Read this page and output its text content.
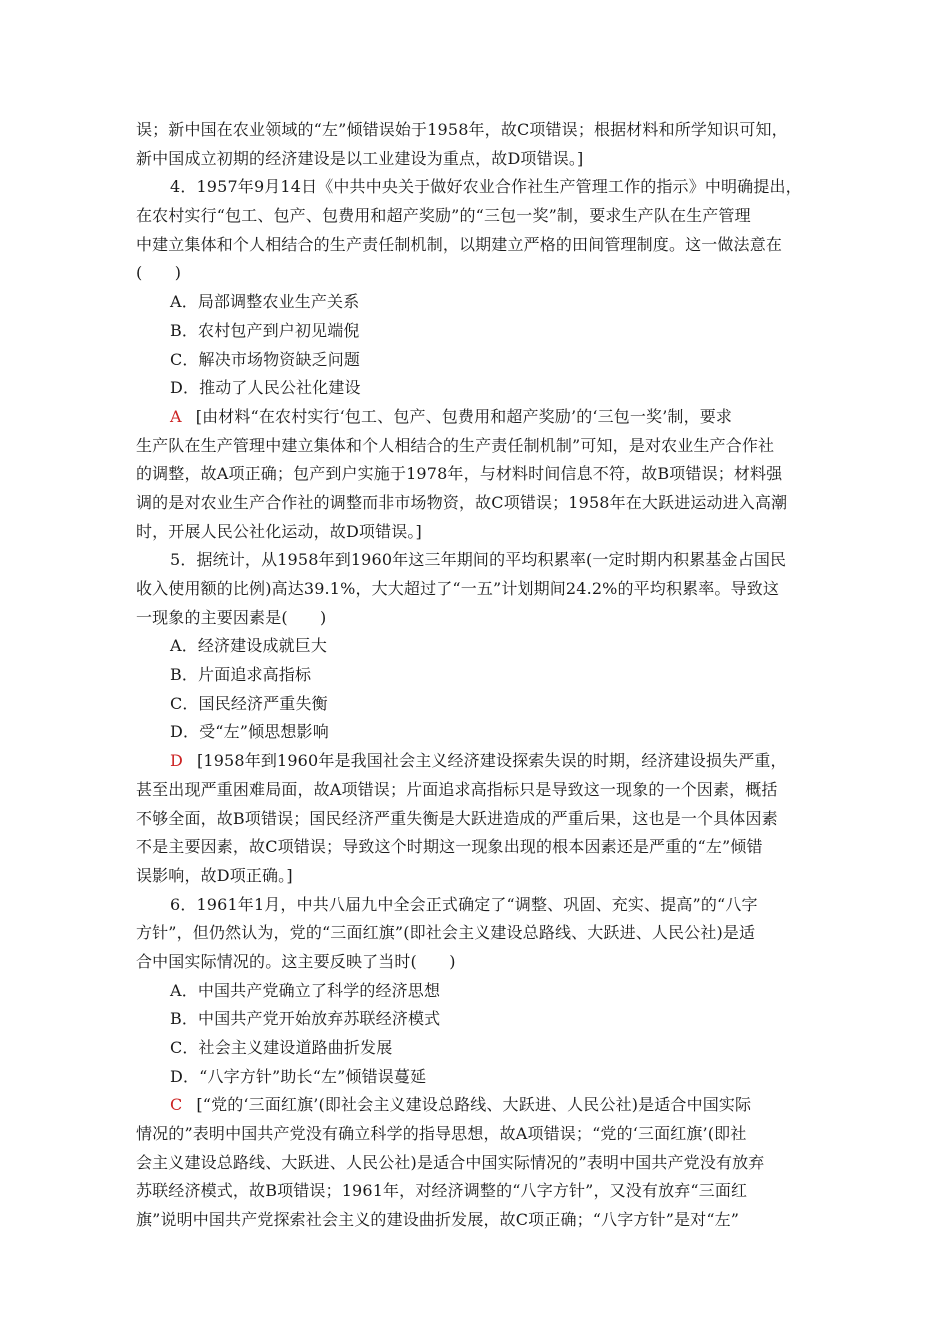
误；新中国在农业领域的“左”倾错误始于1958年，故C项错误；根据材料和所学知识可知，
新中国成立初期的经济建设是以工业建设为重点，故D项错误。]
4．1957年9月14日《中共中央关于做好农业合作社生产管理工作的指示》中明确提出，
在农村实行“包工、包产、包费用和超产奖励”的“三包一奖”制，要求生产队在生产管理
中建立集体和个人相结合的生产责任制机制，以期建立严格的田间管理制度。这一做法意在
(　　)
A．局部调整农业生产关系
B．农村包产到户初见端倪
C．解决市场物资缺乏问题
D．推动了人民公社化建设
A [由材料“在农村实行‘包工、包产、包费用和超产奖励’的‘三包一奖’制，要求
生产队在生产管理中建立集体和个人相结合的生产责任制机制”可知，是对农业生产合作社
的调整，故A项正确；包产到户实施于1978年，与材料时间信息不符，故B项错误；材料强
调的是对农业生产合作社的调整而非市场物资，故C项错误；1958年在大跃进运动进入高潮
时，开展人民公社化运动，故D项错误。]
5．据统计，从1958年到1960年这三年期间的平均积累率(一定时期内积累基金占国民
收入使用额的比例)高达39.1%，大大超过了“一五”计划期间24.2%的平均积累率。导致这
一现象的主要因素是(　　)
A．经济建设成就巨大
B．片面追求高指标
C．国民经济严重失衡
D．受“左”倾思想影响
D [1958年到1960年是我国社会主义经济建设探索失误的时期，经济建设损失严重，
甚至出现严重困难局面，故A项错误；片面追求高指标只是导致这一现象的一个因素，概括
不够全面，故B项错误；国民经济严重失衡是大跃进造成的严重后果，这也是一个具体因素
不是主要因素，故C项错误；导致这个时期这一现象出现的根本因素还是严重的“左”倾错
误影响，故D项正确。]
6．1961年1月，中共八届九中全会正式确定了“调整、巩固、充实、提高”的“八字
方针”，但仍然认为，党的“三面红旗”(即社会主义建设总路线、大跃进、人民公社)是适
合中国实际情况的。这主要反映了当时(　　)
A．中国共产党确立了科学的经济思想
B．中国共产党开始放弃苏联经济模式
C．社会主义建设道路曲折发展
D．“八字方针”助长“左”倾错误蔓延
C [“党的‘三面红旗’(即社会主义建设总路线、大跃进、人民公社)是适合中国实际
情况的”表明中国共产党没有确立科学的指导思想，故A项错误；“党的‘三面红旗’(即社
会主义建设总路线、大跃进、人民公社)是适合中国实际情况的”表明中国共产党没有放弃
苏联经济模式，故B项错误；1961年，对经济调整的“八字方针”，又没有放弃“三面红
旗”说明中国共产党探索社会主义的建设曲折发展，故C项正确；“八字方针”是对“左”
